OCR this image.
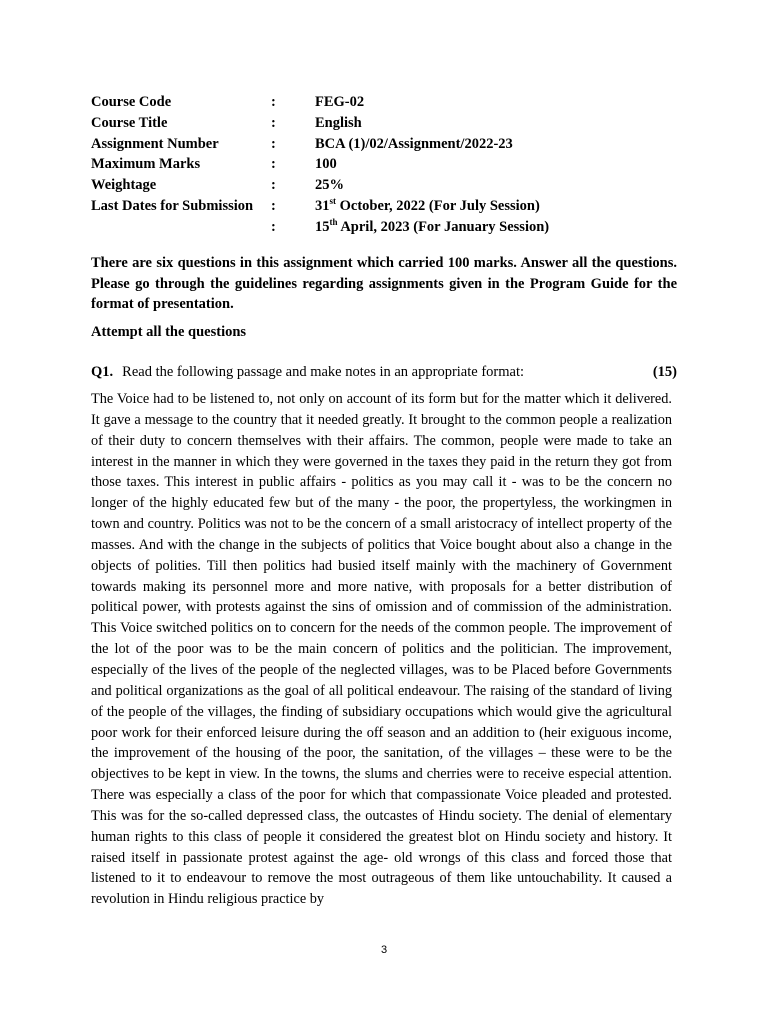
Course Code	:	FEG-02
Course Title	:	English
Assignment Number	:	BCA (1)/02/Assignment/2022-23
Maximum Marks	:	100
Weightage	:	25%
Last Dates for Submission	:	31st October, 2022 (For July Session)
:	15th April, 2023 (For January Session)
There are six questions in this assignment which carried 100 marks. Answer all the questions. Please go through the guidelines regarding assignments given in the Program Guide for the format of presentation.
Attempt all the questions
Q1. Read the following passage and make notes in an appropriate format:	(15)
The Voice had to be listened to, not only on account of its form but for the matter which it delivered. It gave a message to the country that it needed greatly. It brought to the common people a realization of their duty to concern themselves with their affairs. The common, people were made to take an interest in the manner in which they were governed in the taxes they paid in the return they got from those taxes. This interest in public affairs - politics as you may call it - was to be the concern no longer of the highly educated few but of the many - the poor, the propertyless, the workingmen in town and country. Politics was not to be the concern of a small aristocracy of intellect property of the masses. And with the change in the subjects of politics that Voice bought about also a change in the objects of polities. Till then politics had busied itself mainly with the machinery of Government towards making its personnel more and more native, with proposals for a better distribution of political power, with protests against the sins of omission and of commission of the administration. This Voice switched politics on to concern for the needs of the common people. The improvement of the lot of the poor was to be the main concern of politics and the politician. The improvement, especially of the lives of the people of the neglected villages, was to be Placed before Governments and political organizations as the goal of all political endeavour. The raising of the standard of living of the people of the villages, the finding of subsidiary occupations which would give the agricultural poor work for their enforced leisure during the off season and an addition to (heir exiguous income, the improvement of the housing of the poor, the sanitation, of the villages – these were to be the objectives to be kept in view. In the towns, the slums and cherries were to receive especial attention. There was especially a class of the poor for which that compassionate Voice pleaded and protested. This was for the so-called depressed class, the outcastes of Hindu society. The denial of elementary human rights to this class of people it considered the greatest blot on Hindu society and history. It raised itself in passionate protest against the age- old wrongs of this class and forced those that listened to it to endeavour to remove the most outrageous of them like untouchability. It caused a revolution in Hindu religious practice by
3
